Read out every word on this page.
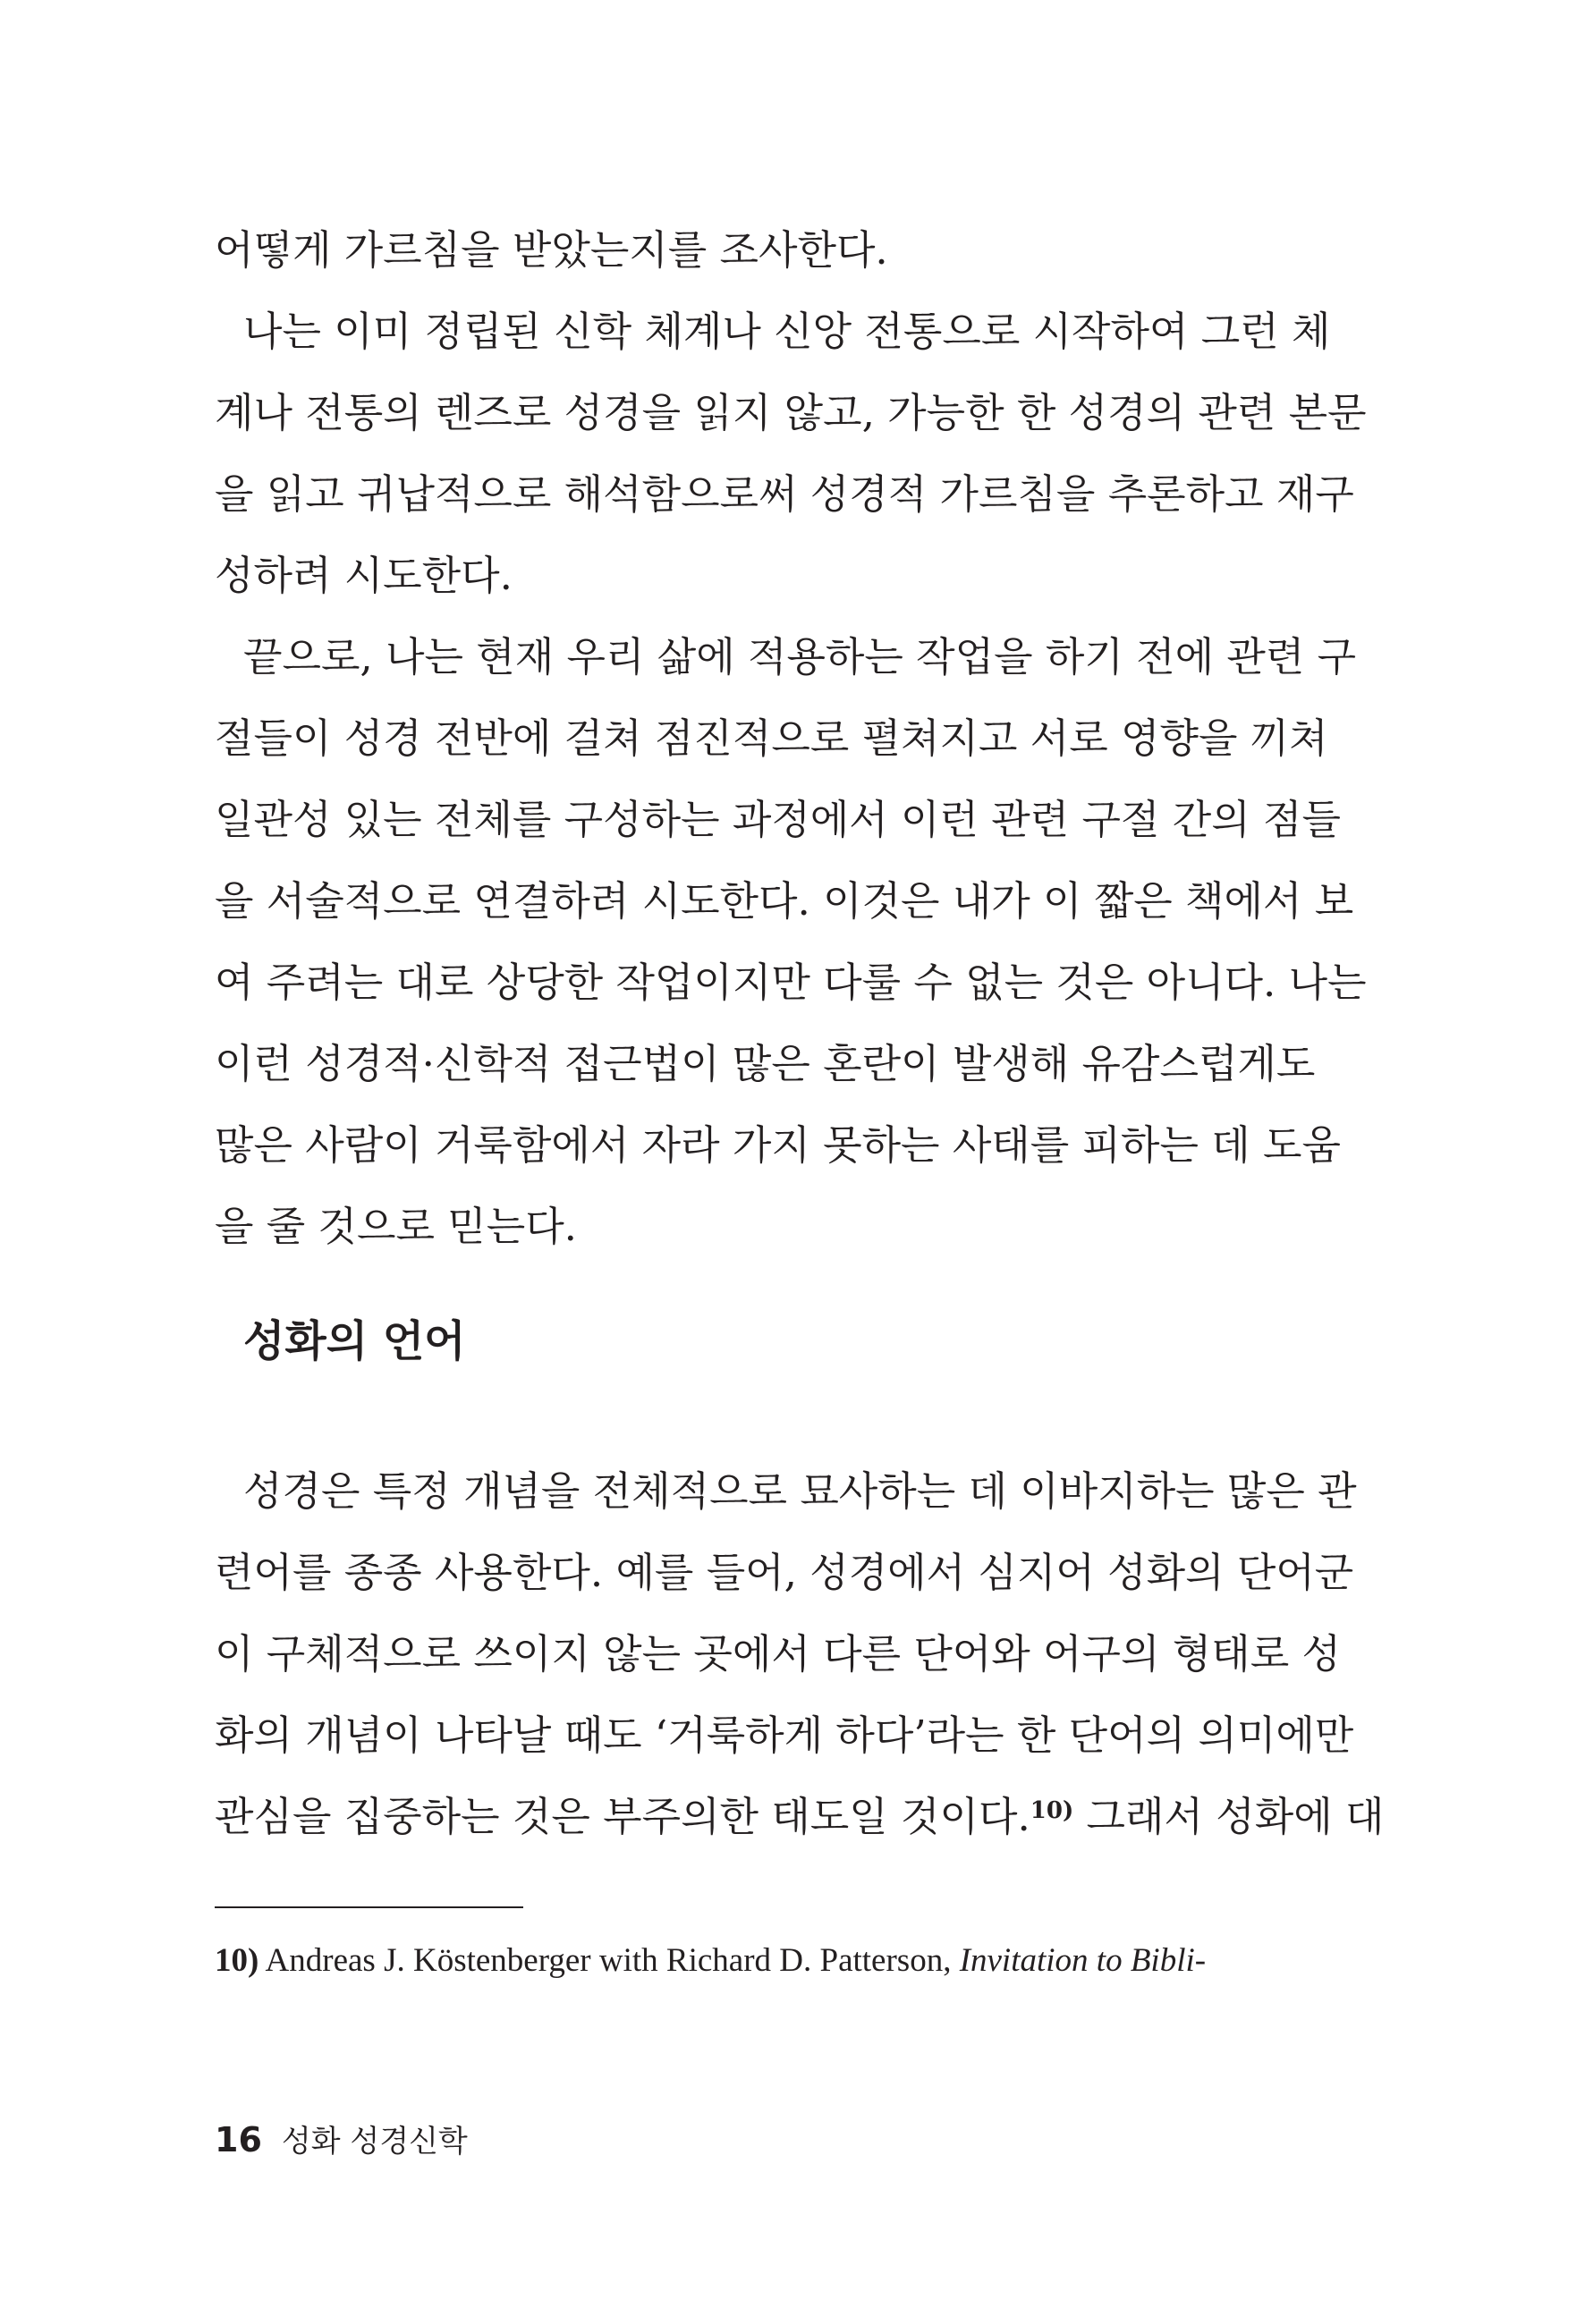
어떻게 가르침을 받았는지를 조사한다.
나는 이미 정립된 신학 체계나 신앙 전통으로 시작하여 그런 체
계나 전통의 렌즈로 성경을 읽지 않고, 가능한 한 성경의 관련 본문
을 읽고 귀납적으로 해석함으로써 성경적 가르침을 추론하고 재구
성하려 시도한다.
끝으로, 나는 현재 우리 삶에 적용하는 작업을 하기 전에 관련 구
절들이 성경 전반에 걸쳐 점진적으로 펼쳐지고 서로 영향을 끼쳐
일관성 있는 전체를 구성하는 과정에서 이런 관련 구절 간의 점들
을 서술적으로 연결하려 시도한다. 이것은 내가 이 짧은 책에서 보
여 주려는 대로 상당한 작업이지만 다룰 수 없는 것은 아니다. 나는
이런 성경적·신학적 접근법이 많은 혼란이 발생해 유감스럽게도
많은 사람이 거룩함에서 자라 가지 못하는 사태를 피하는 데 도움
을 줄 것으로 믿는다.
성화의 언어
성경은 특정 개념을 전체적으로 묘사하는 데 이바지하는 많은 관
련어를 종종 사용한다. 예를 들어, 성경에서 심지어 성화의 단어군
이 구체적으로 쓰이지 않는 곳에서 다른 단어와 어구의 형태로 성
화의 개념이 나타날 때도 ‘거룩하게 하다’라는 한 단어의 의미에만
관심을 집중하는 것은 부주의한 태도일 것이다.$^{10)}$ 그래서 성화에 대
10) Andreas J. Köstenberger with Richard D. Patterson, Invitation to Bibli-
16 성화 성경신학
